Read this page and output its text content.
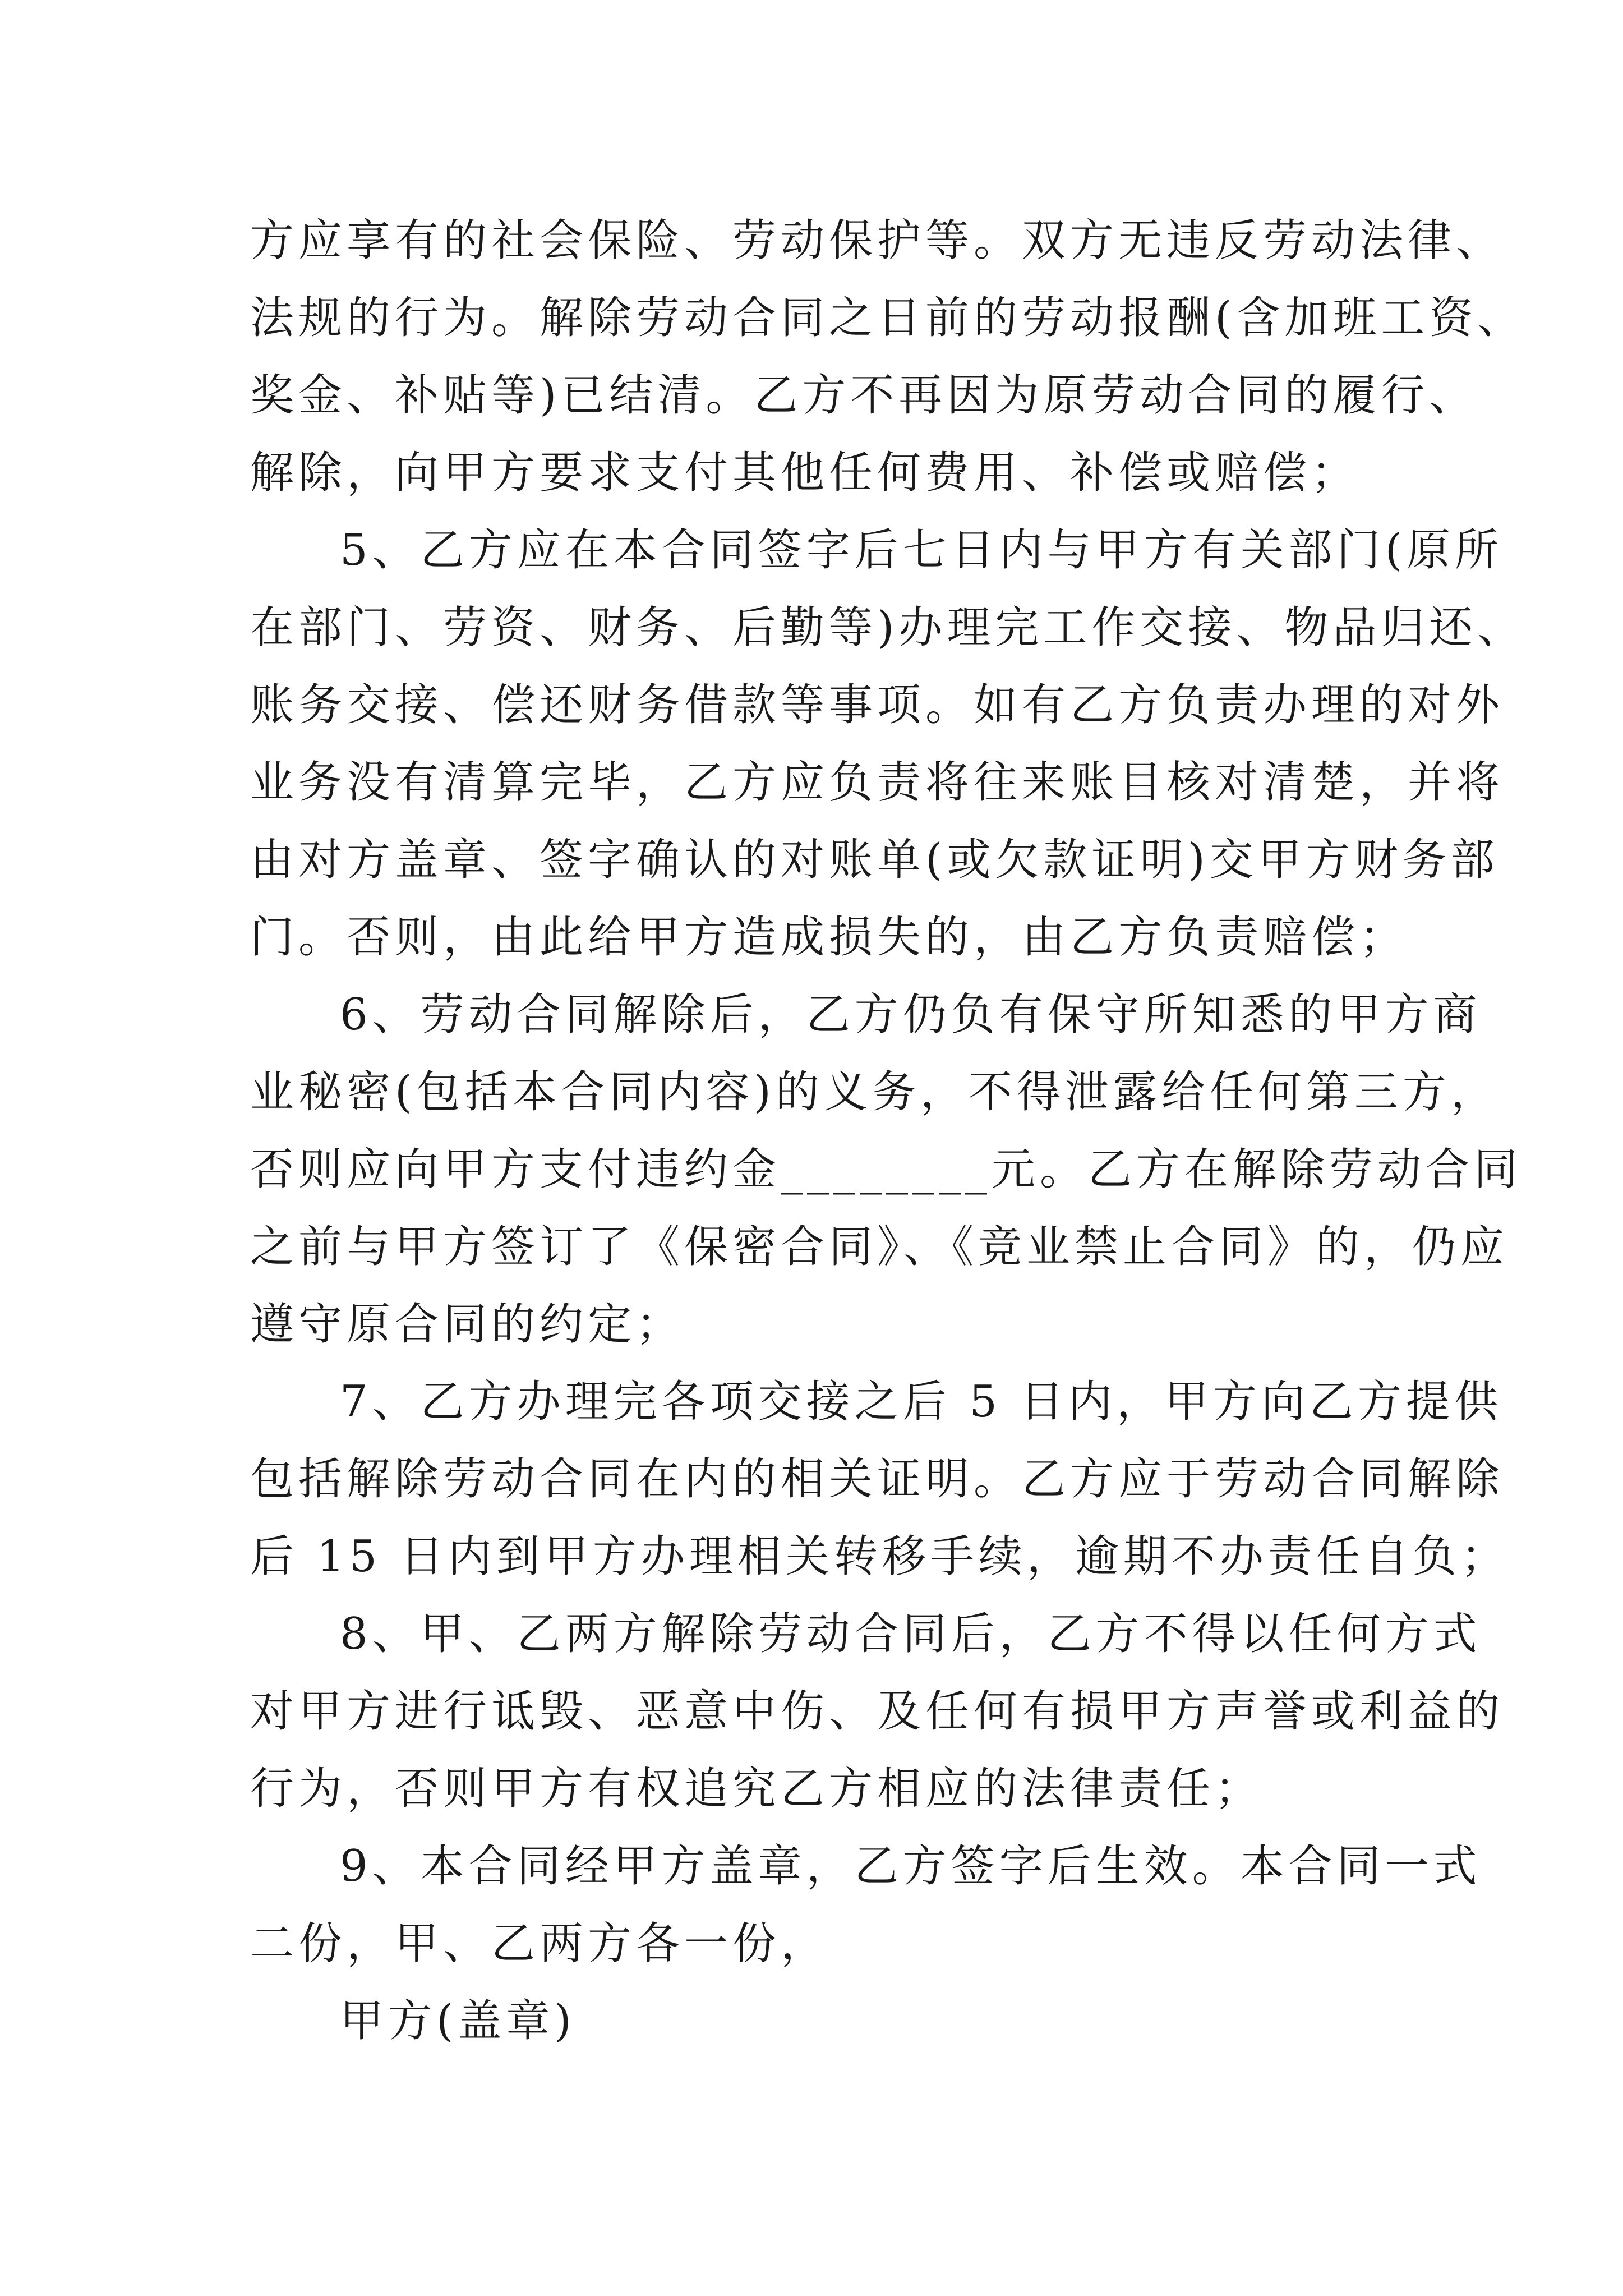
方应享有的社会保险、劳动保护等。双方无违反劳动法律、
法规的行为。解除劳动合同之日前的劳动报酬(含加班工资、
奖金、补贴等)已结清。乙方不再因为原劳动合同的履行、
解除，向甲方要求支付其他任何费用、补偿或赔偿；
5、乙方应在本合同签字后七日内与甲方有关部门(原所
在部门、劳资、财务、后勤等)办理完工作交接、物品归还、
账务交接、偿还财务借款等事项。如有乙方负责办理的对外
业务没有清算完毕，乙方应负责将往来账目核对清楚，并将
由对方盖章、签字确认的对账单(或欠款证明)交甲方财务部
门。否则，由此给甲方造成损失的，由乙方负责赔偿；
6、劳动合同解除后，乙方仍负有保守所知悉的甲方商
业秘密(包括本合同内容)的义务，不得泄露给任何第三方，
否则应向甲方支付违约金________元。乙方在解除劳动合同
之前与甲方签订了《保密合同》、《竞业禁止合同》的，仍应
遵守原合同的约定；
7、乙方办理完各项交接之后 5 日内，甲方向乙方提供
包括解除劳动合同在内的相关证明。乙方应于劳动合同解除
后 15 日内到甲方办理相关转移手续，逾期不办责任自负；
8、甲、乙两方解除劳动合同后，乙方不得以任何方式
对甲方进行诋毁、恶意中伤、及任何有损甲方声誉或利益的
行为，否则甲方有权追究乙方相应的法律责任；
9、本合同经甲方盖章，乙方签字后生效。本合同一式
二份，甲、乙两方各一份，
甲方(盖章)
